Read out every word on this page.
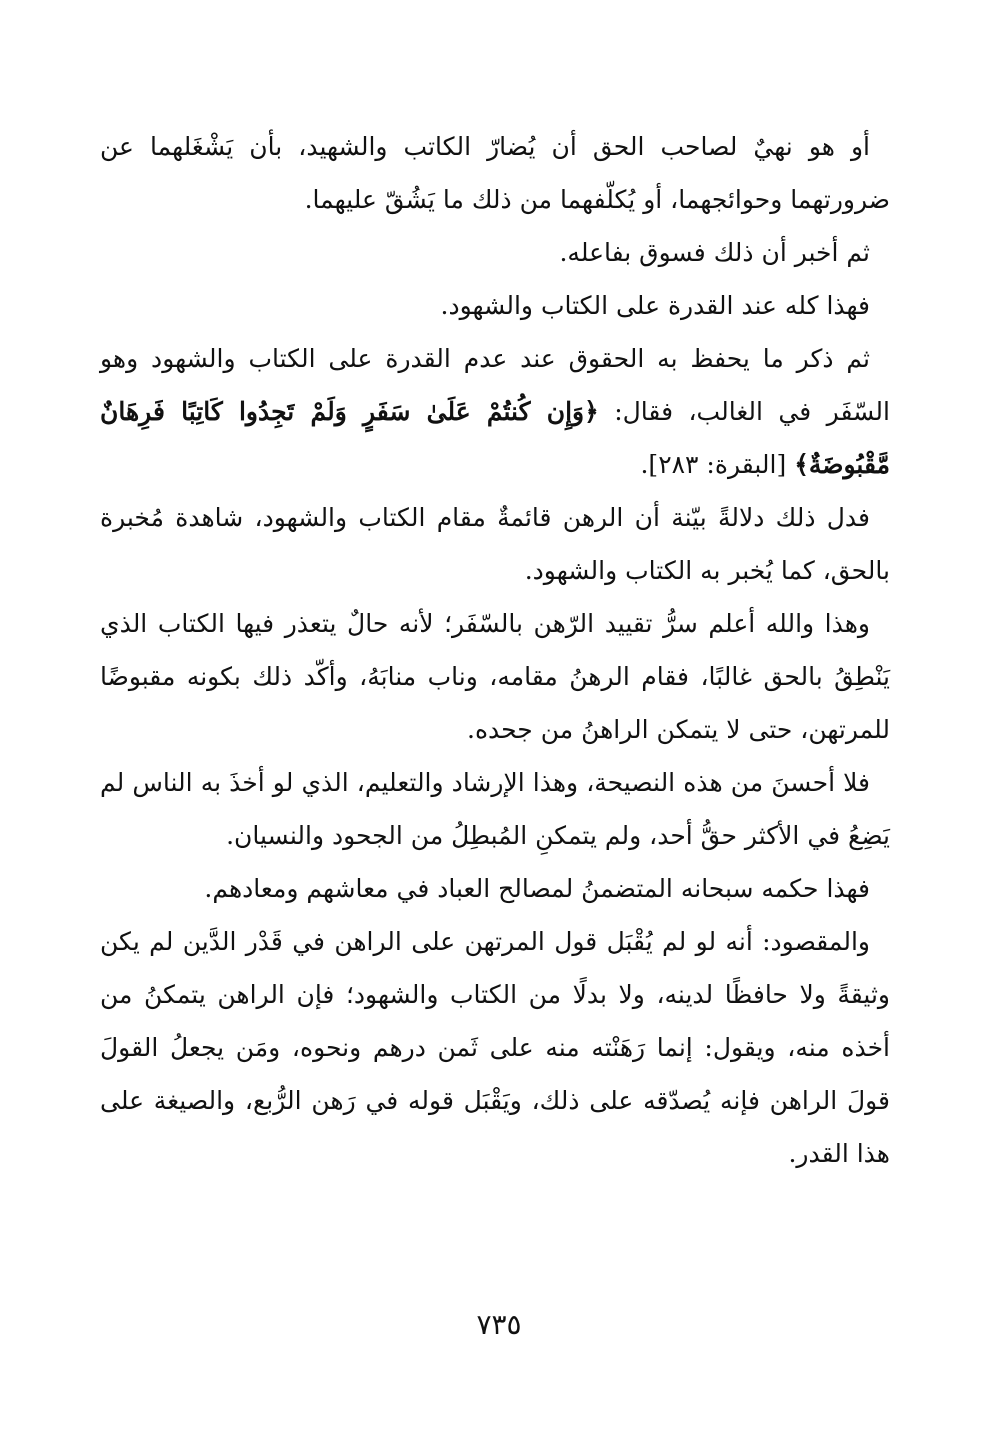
أو هو نهيٌ لصاحب الحق أن يُضارّ الكاتب والشهيد، بأن يَشْغَلهما عن ضرورتهما وحوائجهما، أو يُكلّفهما من ذلك ما يَشُقّ عليهما.

ثم أخبر أن ذلك فسوق بفاعله.

فهذا كله عند القدرة على الكتاب والشهود.

ثم ذكر ما يحفظ به الحقوق عند عدم القدرة على الكتاب والشهود وهو السّفَر في الغالب، فقال: ﴿وَإِن كُنتُمْ عَلَىٰ سَفَرٍ وَلَمْ تَجِدُوا كَاتِبًا فَرِهَانٌ مَّقْبُوضَةٌ﴾ [البقرة: ٢٨٣].

فدل ذلك دلالةً بيّنة أن الرهن قائمةٌ مقام الكتاب والشهود، شاهدة مُخبرة بالحق، كما يُخبر به الكتاب والشهود.

وهذا والله أعلم سرُّ تقييد الرّهن بالسّفَر؛ لأنه حالٌ يتعذر فيها الكتاب الذي يَنْطِقُ بالحق غالبًا، فقام الرهنُ مقامه، وناب منابَهُ، وأكّد ذلك بكونه مقبوضًا للمرتهن، حتى لا يتمكن الراهنُ من جحده.

فلا أحسنَ من هذه النصيحة، وهذا الإرشاد والتعليم، الذي لو أخذَ به الناس لم يَضِعُ في الأكثر حقُّ أحد، ولم يتمكنِ المُبطِلُ من الجحود والنسيان.

فهذا حكمه سبحانه المتضمنُ لمصالح العباد في معاشهم ومعادهم.

والمقصود: أنه لو لم يُقْبَل قول المرتهن على الراهن في قَدْر الدَّين لم يكن وثيقةً ولا حافظًا لدينه، ولا بدلًا من الكتاب والشهود؛ فإن الراهن يتمكنُ من أخذه منه، ويقول: إنما رَهَنْته منه على ثَمن درهم ونحوه، ومَن يجعلُ القولَ قولَ الراهن فإنه يُصدّقه على ذلك، ويَقْبَل قوله في رَهن الرُّبع، والصيغة على هذا القدر.

٧٣٥
